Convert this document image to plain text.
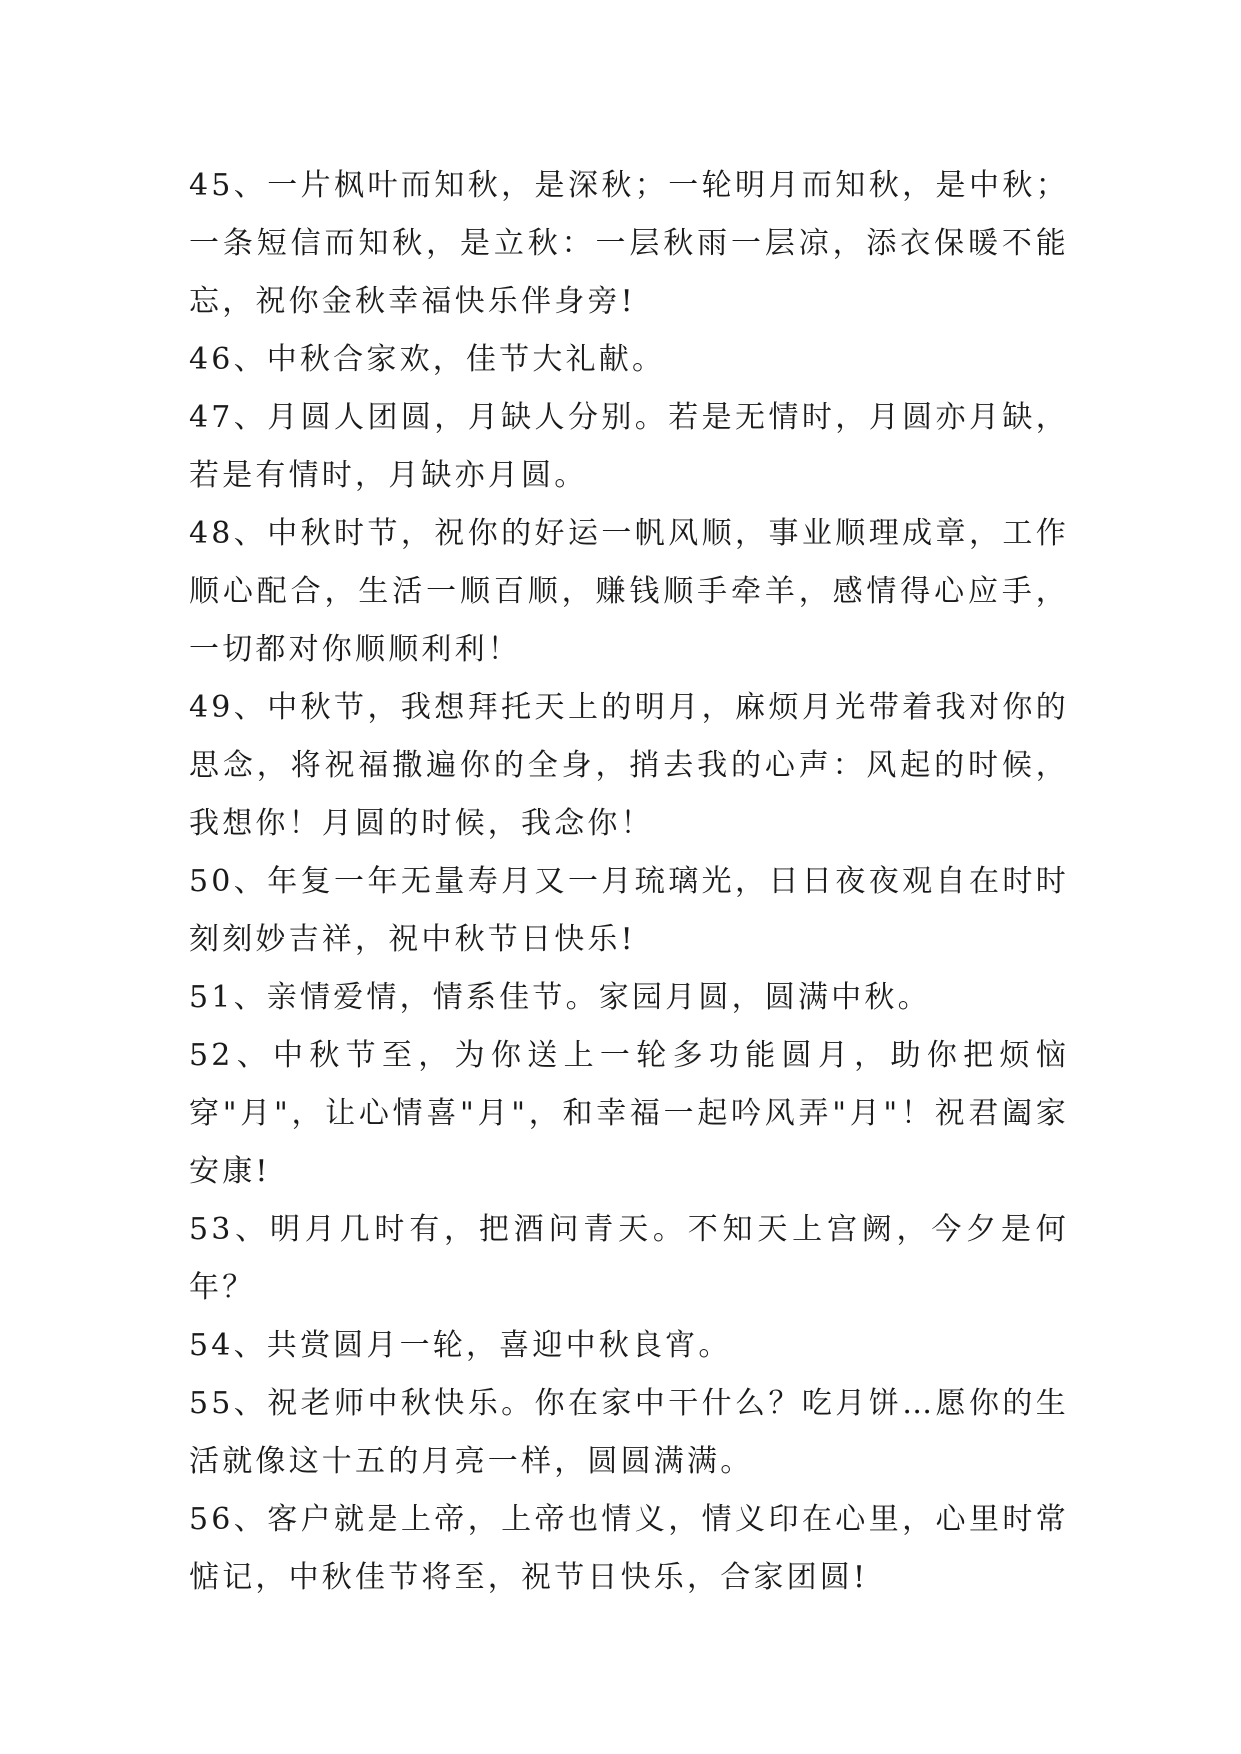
45、一片枫叶而知秋，是深秋；一轮明月而知秋，是中秋；一条短信而知秋，是立秋：一层秋雨一层凉，添衣保暖不能忘，祝你金秋幸福快乐伴身旁!

46、中秋合家欢，佳节大礼献。

47、月圆人团圆，月缺人分别。若是无情时，月圆亦月缺，若是有情时，月缺亦月圆。

48、中秋时节，祝你的好运一帆风顺，事业顺理成章，工作顺心配合，生活一顺百顺，赚钱顺手牵羊，感情得心应手，一切都对你顺顺利利！

49、中秋节，我想拜托天上的明月，麻烦月光带着我对你的思念，将祝福撒遍你的全身，捎去我的心声：风起的时候，我想你！月圆的时候，我念你！

50、年复一年无量寿月又一月琉璃光，日日夜夜观自在时时刻刻妙吉祥，祝中秋节日快乐!

51、亲情爱情，情系佳节。家园月圆，圆满中秋。

52、中秋节至，为你送上一轮多功能圆月，助你把烦恼穿"月"，让心情喜"月"，和幸福一起吟风弄"月"！祝君阖家安康!

53、明月几时有，把酒问青天。不知天上宫阙，今夕是何年？

54、共赏圆月一轮，喜迎中秋良宵。

55、祝老师中秋快乐。你在家中干什么？吃月饼…愿你的生活就像这十五的月亮一样，圆圆满满。

56、客户就是上帝，上帝也情义，情义印在心里，心里时常惦记，中秋佳节将至，祝节日快乐，合家团圆!
